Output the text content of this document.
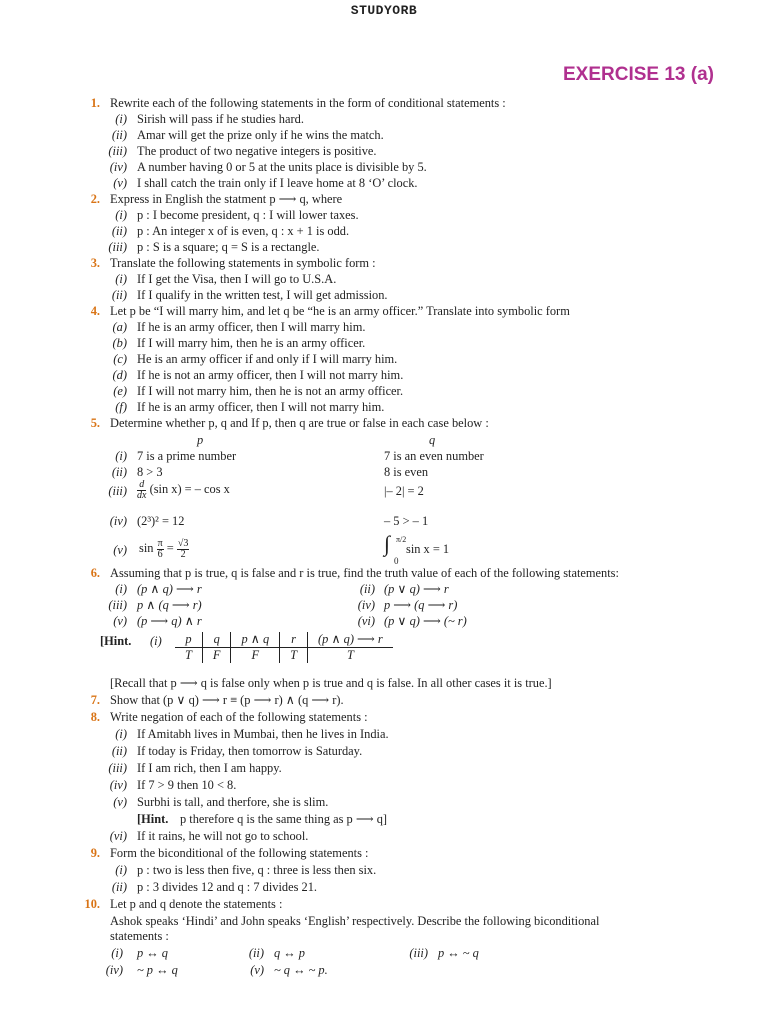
STUDYORB
EXERCISE 13 (a)
1. Rewrite each of the following statements in the form of conditional statements :
(i) Sirish will pass if he studies hard.
(ii) Amar will get the prize only if he wins the match.
(iii) The product of two negative integers is positive.
(iv) A number having 0 or 5 at the units place is divisible by 5.
(v) I shall catch the train only if I leave home at 8 ‘O’ clock.
2. Express in English the statment p ⟶ q, where
(i) p : I become president, q : I will lower taxes.
(ii) p : An integer x of is even, q : x + 1 is odd.
(iii) p : S is a square; q = S is a rectangle.
3. Translate the following statements in symbolic form :
(i) If I get the Visa, then I will go to U.S.A.
(ii) If I qualify in the written test, I will get admission.
4. Let p be “I will marry him, and let q be “he is an army officer.” Translate into symbolic form
(a) If he is an army officer, then I will marry him.
(b) If I will marry him, then he is an army officer.
(c) He is an army officer if and only if I will marry him.
(d) If he is not an army officer, then I will not marry him.
(e) If I will not marry him, then he is not an army officer.
(f) If he is an army officer, then I will not marry him.
5. Determine whether p, q and If p, then q are true or false in each case below :
p	q
(i) 7 is a prime number	7 is an even number
(ii) 8 > 3	8 is even
$(iii) \frac{d}{dx} (\sin$ x) = – cos x	|– 2| = 2
(iv) (2³)² = 12	– 5 > – 1
(v) $\sin \frac{\pi}{6} = \frac{√3}{2}$	∫ π/2
0
sin x = 1
6. Assuming that p is true, q is false and r is true, find the truth value of each of the following statements:
(i) (p ∧ q) ⟶ r	(ii) (p ∨ q) ⟶ r
(iii) p ∧ (q ⟶ r)	(iv) p ⟶ (q ⟶ r)
(v) (p ⟶ q) ∧ r	(vi) (p ∨ q) ⟶ (~ r)
[Hint. (i) p	q	p ∧ q	r	(p ∧ q) ⟶ r
T	F	F	T	T
[Recall that p ⟶ q is false only when p is true and q is false. In all other cases it is true.]
7. Show that (p ∨ q) ⟶ r ≡ (p ⟶ r) ∧ (q ⟶ r).
8. Write negation of each of the following statements :
(i) If Amitabh lives in Mumbai, then he lives in India.
(ii) If today is Friday, then tomorrow is Saturday.
(iii) If I am rich, then I am happy.
(iv) If 7 > 9 then 10 < 8.
(v) Surbhi is tall, and therfore, she is slim.
[Hint. p therefore q is the same thing as p ⟶ q]
(vi) If it rains, he will not go to school.
9. Form the biconditional of the following statements :
(i) p : two is less then five, q : three is less then six.
(ii) p : 3 divides 12 and q : 7 divides 21.
10. Let p and q denote the statements :
Ashok speaks ‘Hindi’ and John speaks ‘English’ respectively. Describe the following biconditional
statements :
(i) p ↔ q	(ii) q ↔ p	(iii) p ↔ ~ q
(iv) ~ p ↔ q	(v) ~ q ↔ ~ p.
